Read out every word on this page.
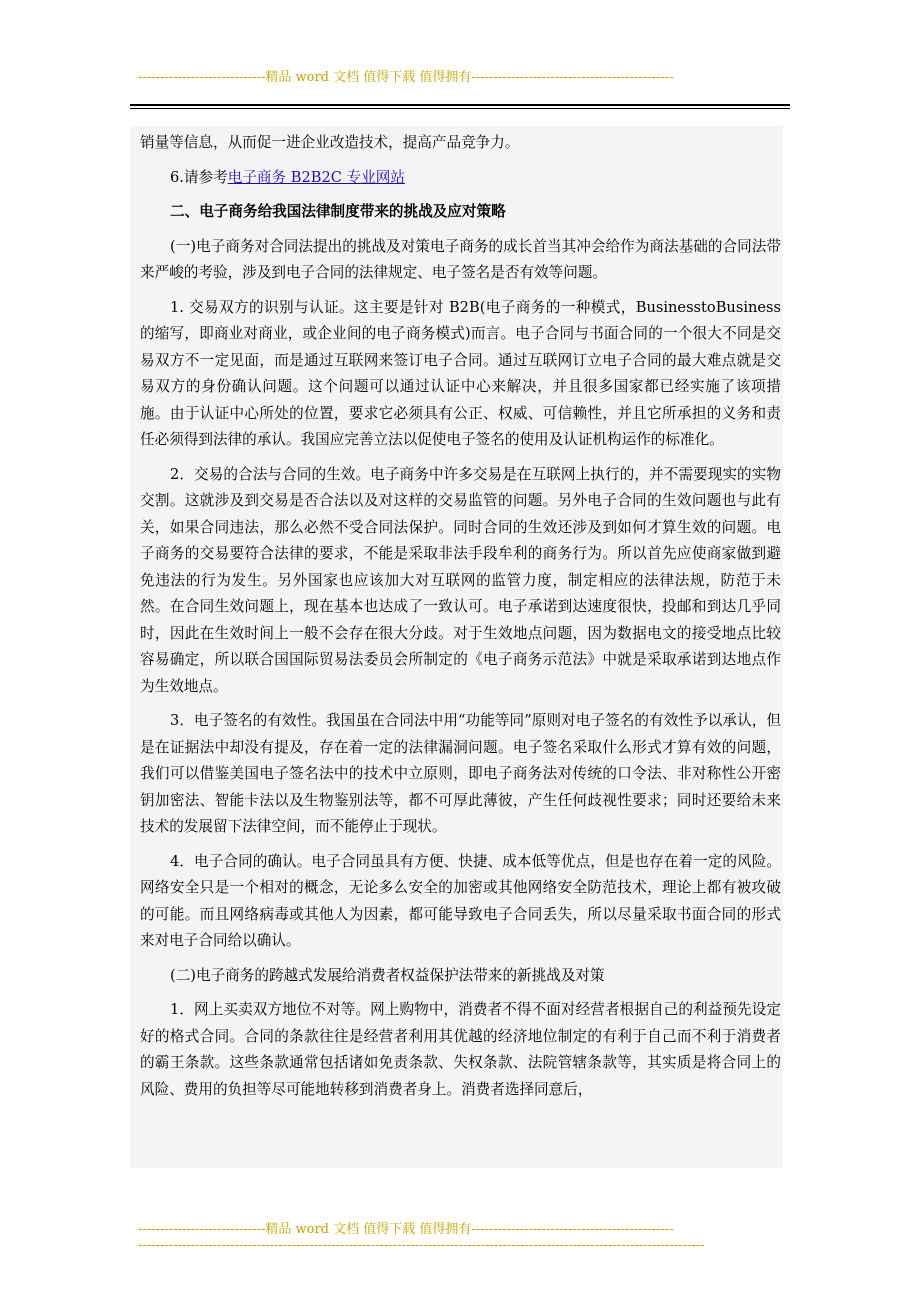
-----------------------------精品 word 文档 值得下载 值得拥有----------------------------------------------

销量等信息，从而促一进企业改造技术，提高产品竞争力。

6.请参考电子商务 B2B2C 专业网站

二、电子商务给我国法律制度带来的挑战及应对策略

(一)电子商务对合同法提出的挑战及对策电子商务的成长首当其冲会给作为商法基础的合同法带来严峻的考验，涉及到电子合同的法律规定、电子签名是否有效等问题。

1. 交易双方的识别与认证。这主要是针对 B2B(电子商务的一种模式，BusinesstoBusiness 的缩写，即商业对商业，或企业间的电子商务模式)而言。电子合同与书面合同的一个很大不同是交易双方不一定见面，而是通过互联网来签订电子合同。通过互联网订立电子合同的最大难点就是交易双方的身份确认问题。这个问题可以通过认证中心来解决，并且很多国家都已经实施了该项措施。由于认证中心所处的位置，要求它必须具有公正、权威、可信赖性，并且它所承担的义务和责任必须得到法律的承认。我国应完善立法以促使电子签名的使用及认证机构运作的标准化。

2．交易的合法与合同的生效。电子商务中许多交易是在互联网上执行的，并不需要现实的实物交割。这就涉及到交易是否合法以及对这样的交易监管的问题。另外电子合同的生效问题也与此有关，如果合同违法，那么必然不受合同法保护。同时合同的生效还涉及到如何才算生效的问题。电子商务的交易要符合法律的要求，不能是采取非法手段牟利的商务行为。所以首先应使商家做到避免违法的行为发生。另外国家也应该加大对互联网的监管力度，制定相应的法律法规，防范于未然。在合同生效问题上，现在基本也达成了一致认可。电子承诺到达速度很快，投邮和到达几乎同时，因此在生效时间上一般不会存在很大分歧。对于生效地点问题，因为数据电文的接受地点比较容易确定，所以联合国国际贸易法委员会所制定的《电子商务示范法》中就是采取承诺到达地点作为生效地点。

3．电子签名的有效性。我国虽在合同法中用“功能等同”原则对电子签名的有效性予以承认，但是在证据法中却没有提及，存在着一定的法律漏洞问题。电子签名采取什么形式才算有效的问题，我们可以借鉴美国电子签名法中的技术中立原则，即电子商务法对传统的口令法、非对称性公开密钥加密法、智能卡法以及生物鉴别法等，都不可厚此薄彼，产生任何歧视性要求；同时还要给未来技术的发展留下法律空间，而不能停止于现状。

4．电子合同的确认。电子合同虽具有方便、快捷、成本低等优点，但是也存在着一定的风险。网络安全只是一个相对的概念，无论多么安全的加密或其他网络安全防范技术，理论上都有被攻破的可能。而且网络病毒或其他人为因素，都可能导致电子合同丢失，所以尽量采取书面合同的形式来对电子合同给以确认。

(二)电子商务的跨越式发展给消费者权益保护法带来的新挑战及对策

1．网上买卖双方地位不对等。网上购物中，消费者不得不面对经营者根据自己的利益预先设定好的格式合同。合同的条款往往是经营者利用其优越的经济地位制定的有利于自己而不利于消费者的霸王条款。这些条款通常包括诸如免责条款、失权条款、法院管辖条款等，其实质是将合同上的风险、费用的负担等尽可能地转移到消费者身上。消费者选择同意后，

-----------------------------精品 word 文档 值得下载 值得拥有----------------------------------------------
---------------------------------------------------------------------------------------------------------------------------------
